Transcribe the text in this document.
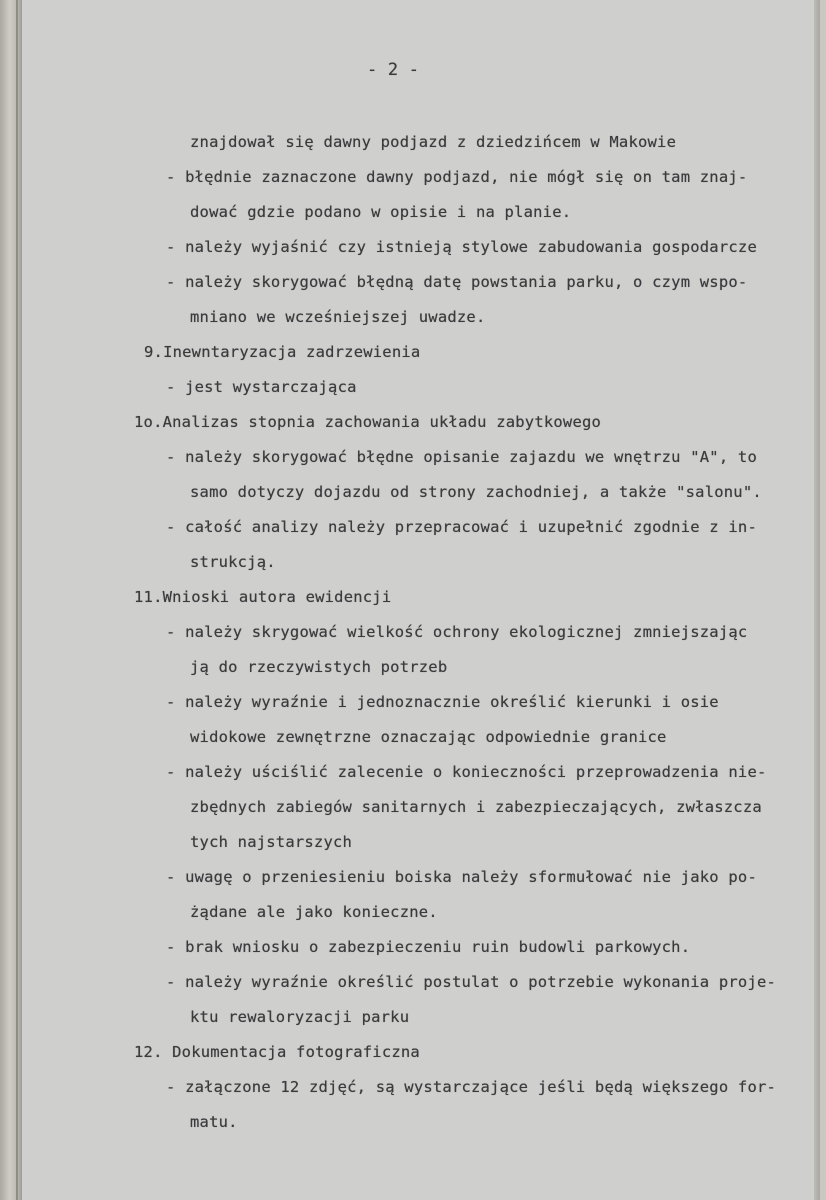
- 2 -
znajdował się dawny podjazd z dziedzińcem w Makowie
- błędnie zaznaczone dawny podjazd, nie mógł się on tam znaj-
dować gdzie podano w opisie i na planie.
- należy wyjaśnić czy istnieją stylowe zabudowania gospodarcze
- należy skorygować błędną datę powstania parku, o czym wspo-
mniano we wcześniejszej uwadze.
9.Inewntaryzacja zadrzewienia
- jest wystarczająca
1o.Analizas stopnia zachowania układu zabytkowego
- należy skorygować błędne opisanie zajazdu we wnętrzu "A", to
samo dotyczy dojazdu od strony zachodniej, a także "salonu".
- całość analizy należy przepracować i uzupełnić zgodnie z in-
strukcją.
11.Wnioski autora ewidencji
- należy skrygować wielkość ochrony ekologicznej zmniejszając
ją do rzeczywistych potrzeb
- należy wyraźnie i jednoznacznie określić kierunki i osie
widokowe zewnętrzne oznaczając odpowiednie granice
- należy uściślić zalecenie o konieczności przeprowadzenia nie-
zbędnych zabiegów sanitarnych i zabezpieczających, zwłaszcza
tych najstarszych
- uwagę o przeniesieniu boiska należy sformułować nie jako po-
żądane ale jako konieczne.
- brak wniosku o zabezpieczeniu ruin budowli parkowych.
- należy wyraźnie określić postulat o potrzebie wykonania proje-
ktu rewaloryzacji parku
12. Dokumentacja fotograficzna
- załączone 12 zdjęć, są wystarczające jeśli będą większego for-
matu.
